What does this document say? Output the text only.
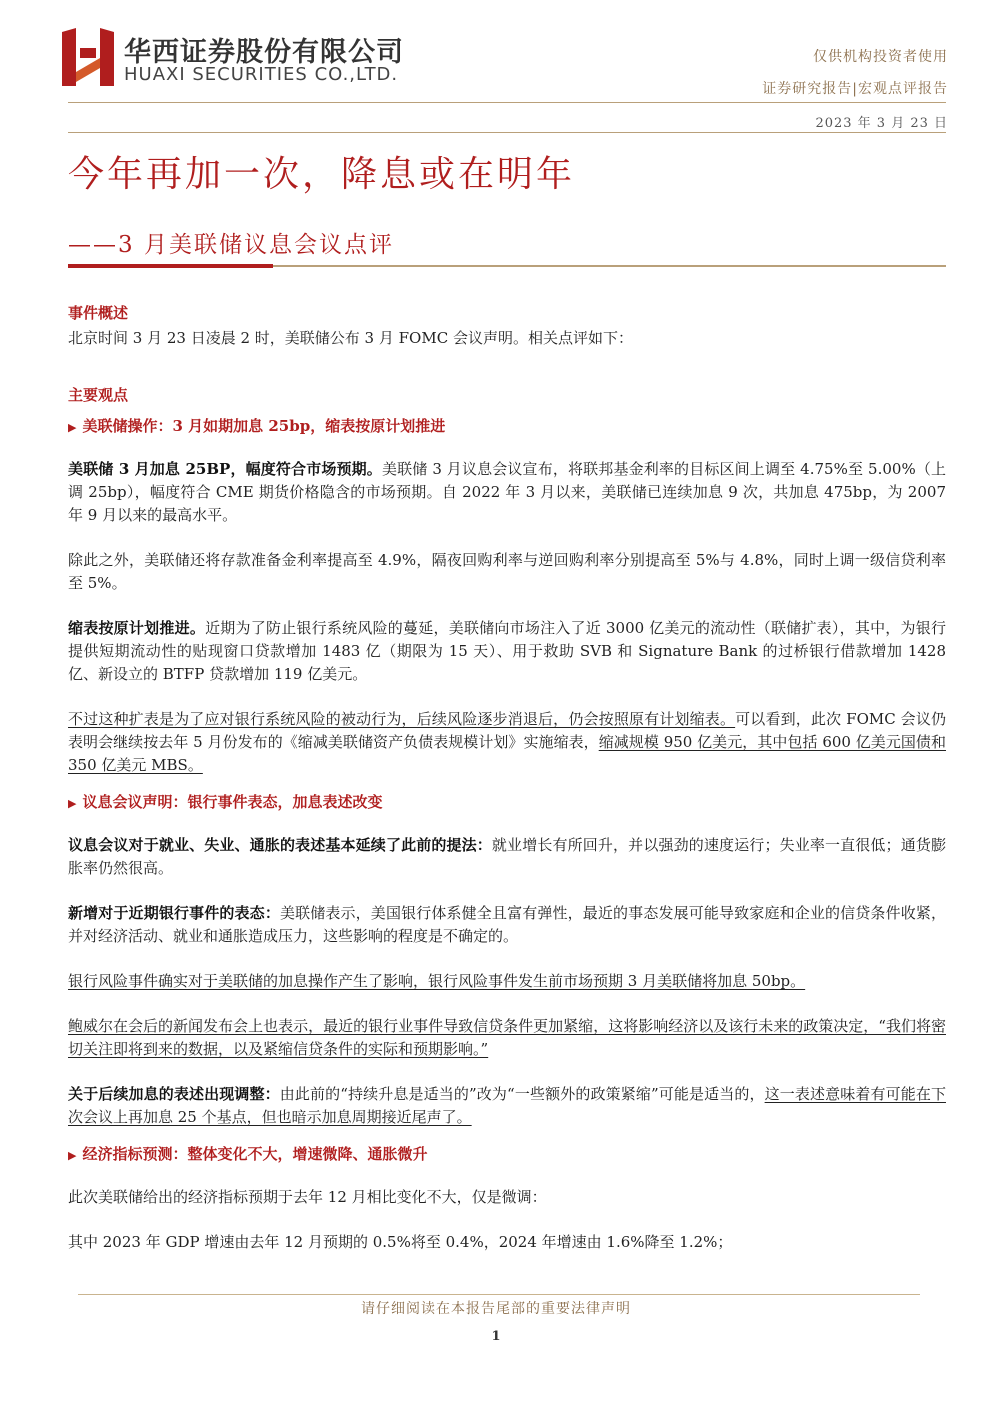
华西证券股份有限公司
HUAXI SECURITIES CO.,LTD.
仅供机构投资者使用
证券研究报告|宏观点评报告
2023 年 3 月 23 日
今年再加一次，降息或在明年
——3 月美联储议息会议点评
事件概述

北京时间 3 月 23 日凌晨 2 时，美联储公布 3 月 FOMC 会议声明。相关点评如下：

主要观点
▶ 美联储操作：3 月如期加息 25bp，缩表按原计划推进

美联储 3 月加息 25BP，幅度符合市场预期。美联储 3 月议息会议宣布，将联邦基金利率的目标区间上调至 4.75%至 5.00%（上调 25bp），幅度符合 CME 期货价格隐含的市场预期。自 2022 年 3 月以来，美联储已连续加息 9 次，共加息 475bp，为 2007 年 9 月以来的最高水平。

除此之外，美联储还将存款准备金利率提高至 4.9%，隔夜回购利率与逆回购利率分别提高至 5%与 4.8%，同时上调一级信贷利率至 5%。

缩表按原计划推进。近期为了防止银行系统风险的蔓延，美联储向市场注入了近 3000 亿美元的流动性（联储扩表），其中，为银行提供短期流动性的贴现窗口贷款增加 1483 亿（期限为 15 天）、用于救助 SVB 和 Signature Bank 的过桥银行借款增加 1428 亿、新设立的 BTFP 贷款增加 119 亿美元。

不过这种扩表是为了应对银行系统风险的被动行为，后续风险逐步消退后，仍会按照原有计划缩表。可以看到，此次 FOMC 会议仍表明会继续按去年 5 月份发布的《缩减美联储资产负债表规模计划》实施缩表，缩减规模 950 亿美元，其中包括 600 亿美元国债和 350 亿美元 MBS。

▶ 议息会议声明：银行事件表态，加息表述改变

议息会议对于就业、失业、通胀的表述基本延续了此前的提法：就业增长有所回升，并以强劲的速度运行；失业率一直很低；通货膨胀率仍然很高。

新增对于近期银行事件的表态：美联储表示，美国银行体系健全且富有弹性，最近的事态发展可能导致家庭和企业的信贷条件收紧，并对经济活动、就业和通胀造成压力，这些影响的程度是不确定的。

银行风险事件确实对于美联储的加息操作产生了影响，银行风险事件发生前市场预期 3 月美联储将加息 50bp。

鲍威尔在会后的新闻发布会上也表示，最近的银行业事件导致信贷条件更加紧缩，这将影响经济以及该行未来的政策决定，“我们将密切关注即将到来的数据，以及紧缩信贷条件的实际和预期影响。”

关于后续加息的表述出现调整：由此前的“持续升息是适当的”改为“一些额外的政策紧缩”可能是适当的，这一表述意味着有可能在下次会议上再加息 25 个基点，但也暗示加息周期接近尾声了。

▶ 经济指标预测：整体变化不大，增速微降、通胀微升

此次美联储给出的经济指标预期于去年 12 月相比变化不大，仅是微调：

其中 2023 年 GDP 增速由去年 12 月预期的 0.5%将至 0.4%，2024 年增速由 1.6%降至 1.2%；

请仔细阅读在本报告尾部的重要法律声明
1
